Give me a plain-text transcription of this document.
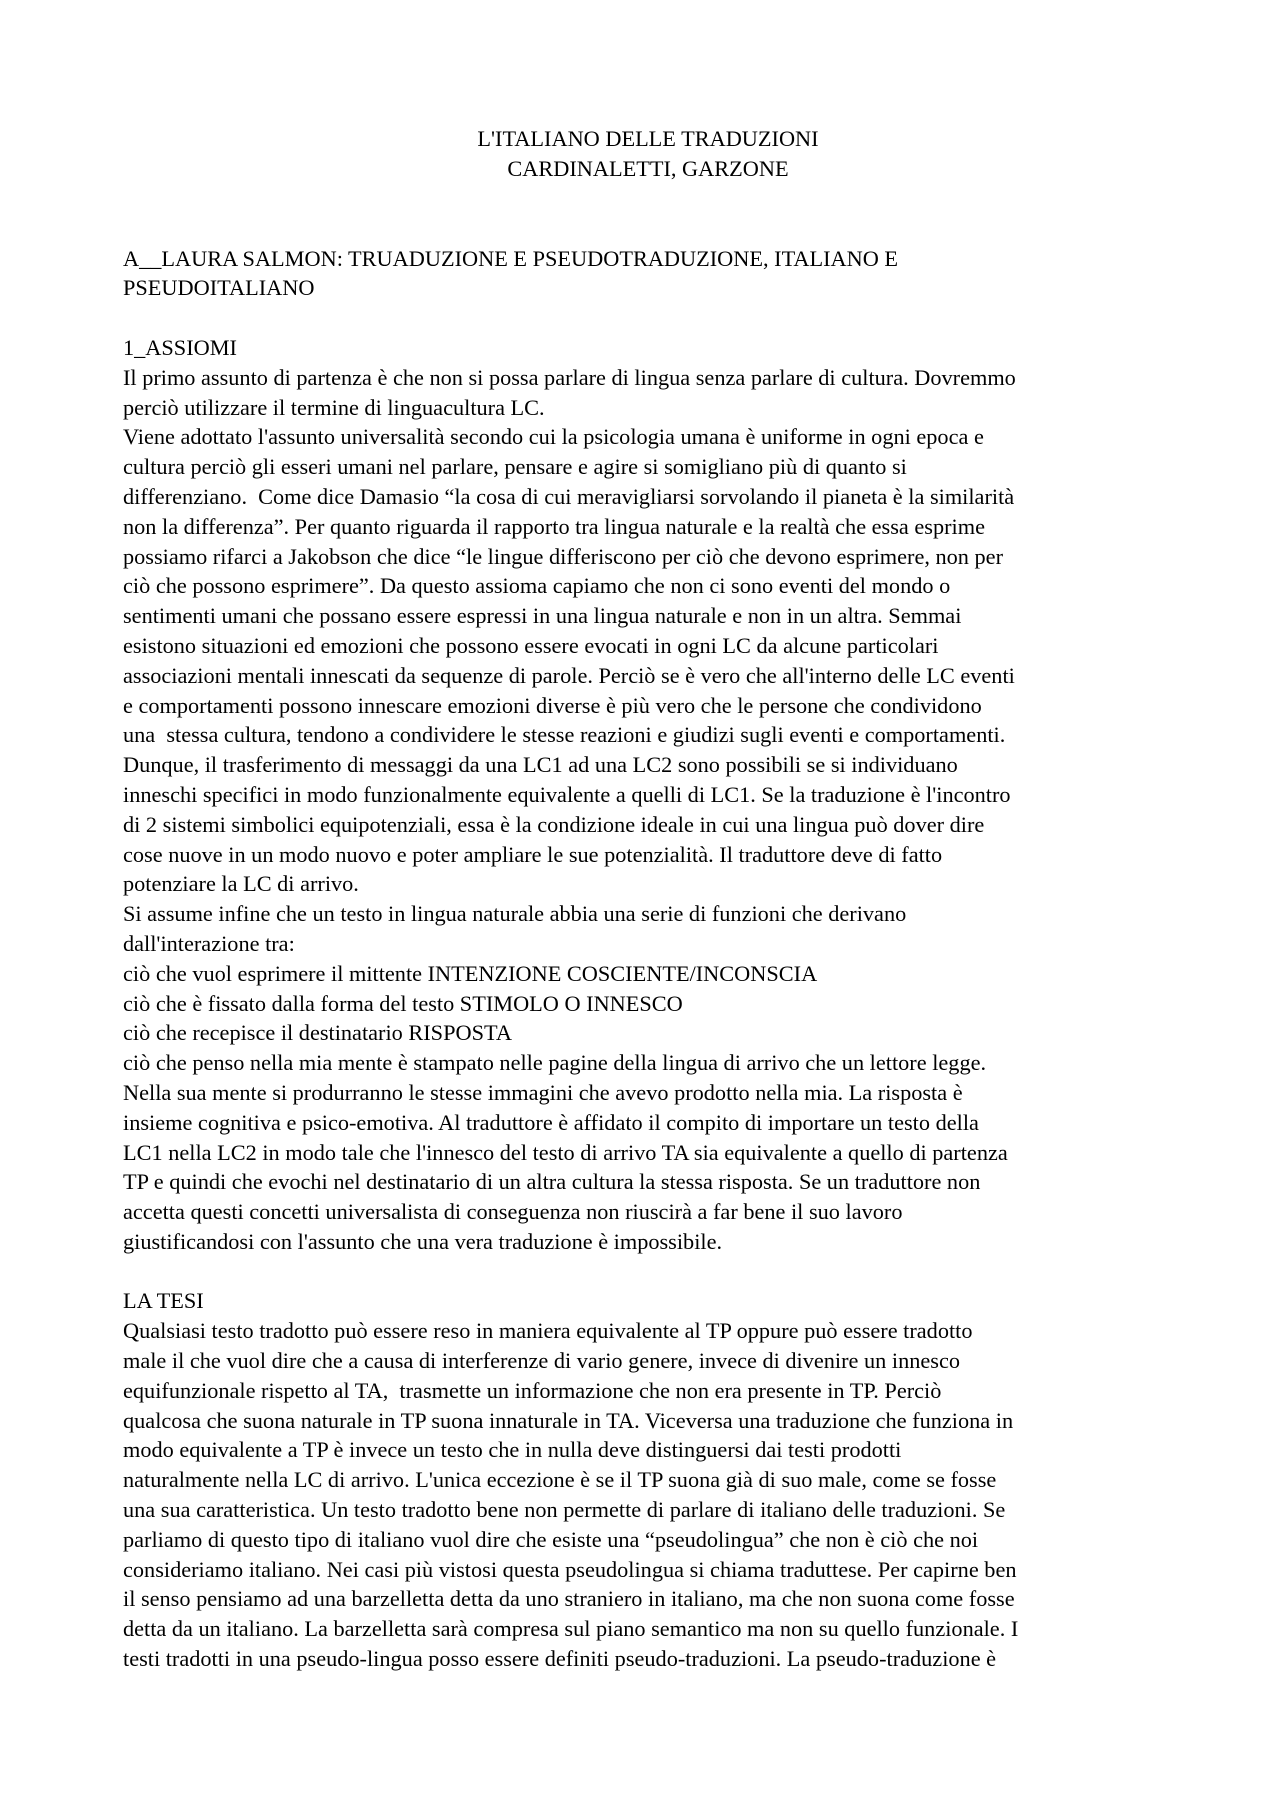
L'ITALIANO DELLE TRADUZIONI
CARDINALETTI, GARZONE
A__LAURA SALMON: TRUADUZIONE E PSEUDOTRADUZIONE, ITALIANO E
PSEUDOITALIANO
1_ASSIOMI
Il primo assunto di partenza è che non si possa parlare di lingua senza parlare di cultura. Dovremmo
perciò utilizzare il termine di linguacultura LC.
Viene adottato l'assunto universalità secondo cui la psicologia umana è uniforme in ogni epoca e
cultura perciò gli esseri umani nel parlare, pensare e agire si somigliano più di quanto si
differenziano.  Come dice Damasio “la cosa di cui meravigliarsi sorvolando il pianeta è la similarità
non la differenza”. Per quanto riguarda il rapporto tra lingua naturale e la realtà che essa esprime
possiamo rifarci a Jakobson che dice “le lingue differiscono per ciò che devono esprimere, non per
ciò che possono esprimere”. Da questo assioma capiamo che non ci sono eventi del mondo o
sentimenti umani che possano essere espressi in una lingua naturale e non in un altra. Semmai
esistono situazioni ed emozioni che possono essere evocati in ogni LC da alcune particolari
associazioni mentali innescati da sequenze di parole. Perciò se è vero che all'interno delle LC eventi
e comportamenti possono innescare emozioni diverse è più vero che le persone che condividono
una  stessa cultura, tendono a condividere le stesse reazioni e giudizi sugli eventi e comportamenti.
Dunque, il trasferimento di messaggi da una LC1 ad una LC2 sono possibili se si individuano
inneschi specifici in modo funzionalmente equivalente a quelli di LC1. Se la traduzione è l'incontro
di 2 sistemi simbolici equipotenziali, essa è la condizione ideale in cui una lingua può dover dire
cose nuove in un modo nuovo e poter ampliare le sue potenzialità. Il traduttore deve di fatto
potenziare la LC di arrivo.
Si assume infine che un testo in lingua naturale abbia una serie di funzioni che derivano
dall'interazione tra:
ciò che vuol esprimere il mittente INTENZIONE COSCIENTE/INCONSCIA
ciò che è fissato dalla forma del testo STIMOLO O INNESCO
ciò che recepisce il destinatario RISPOSTA
ciò che penso nella mia mente è stampato nelle pagine della lingua di arrivo che un lettore legge.
Nella sua mente si produrranno le stesse immagini che avevo prodotto nella mia. La risposta è
insieme cognitiva e psico-emotiva. Al traduttore è affidato il compito di importare un testo della
LC1 nella LC2 in modo tale che l'innesco del testo di arrivo TA sia equivalente a quello di partenza
TP e quindi che evochi nel destinatario di un altra cultura la stessa risposta. Se un traduttore non
accetta questi concetti universalista di conseguenza non riuscirà a far bene il suo lavoro
giustificandosi con l'assunto che una vera traduzione è impossibile.
LA TESI
Qualsiasi testo tradotto può essere reso in maniera equivalente al TP oppure può essere tradotto
male il che vuol dire che a causa di interferenze di vario genere, invece di divenire un innesco
equifunzionale rispetto al TA,  trasmette un informazione che non era presente in TP. Perciò
qualcosa che suona naturale in TP suona innaturale in TA. Viceversa una traduzione che funziona in
modo equivalente a TP è invece un testo che in nulla deve distinguersi dai testi prodotti
naturalmente nella LC di arrivo. L'unica eccezione è se il TP suona già di suo male, come se fosse
una sua caratteristica. Un testo tradotto bene non permette di parlare di italiano delle traduzioni. Se
parliamo di questo tipo di italiano vuol dire che esiste una “pseudolingua” che non è ciò che noi
consideriamo italiano. Nei casi più vistosi questa pseudolingua si chiama traduttese. Per capirne ben
il senso pensiamo ad una barzelletta detta da uno straniero in italiano, ma che non suona come fosse
detta da un italiano. La barzelletta sarà compresa sul piano semantico ma non su quello funzionale. I
testi tradotti in una pseudo-lingua posso essere definiti pseudo-traduzioni. La pseudo-traduzione è
